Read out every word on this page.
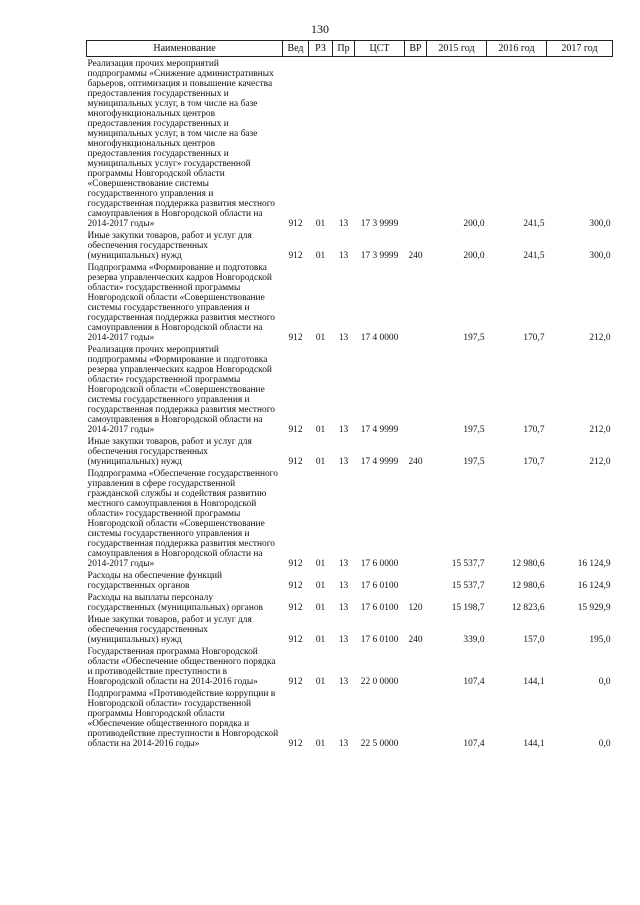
130
Наименование	Вед	РЗ	Пр	ЦСТ	ВР	2015 год	2016 год	2017 год
Реализация прочих мероприятий подпрограммы «Снижение административных барьеров, оптимизация и повышение качества предоставления государственных и муниципальных услуг, в том числе на базе многофункциональных центров предоставления государственных и муниципальных услуг, в том числе на базе многофункциональных центров предоставления государственных и муниципальных услуг» государственной программы Новгородской области «Совершенствование системы государственного управления и государственная поддержка развития местного самоуправления в Новгородской области на 2014-2017 годы»	912	01	13	17 3 9999		200,0	241,5	300,0
Иные закупки товаров, работ и услуг для обеспечения государственных (муниципальных) нужд	912	01	13	17 3 9999	240	200,0	241,5	300,0
Подпрограмма «Формирование и подготовка резерва управленческих кадров Новгородской области» государственной программы Новгородской области «Совершенствование системы государственного управления и государственная поддержка развития местного самоуправления в Новгородской области на 2014-2017 годы»	912	01	13	17 4 0000		197,5	170,7	212,0
Реализация прочих мероприятий подпрограммы «Формирование и подготовка резерва управленческих кадров Новгородской области» государственной программы Новгородской области «Совершенствование системы государственного управления и государственная поддержка развития местного самоуправления в Новгородской области на 2014-2017 годы»	912	01	13	17 4 9999		197,5	170,7	212,0
Иные закупки товаров, работ и услуг для обеспечения государственных (муниципальных) нужд	912	01	13	17 4 9999	240	197,5	170,7	212,0
Подпрограмма «Обеспечение государственного управления в сфере государственной гражданской службы и содействия развитию местного самоуправления в Новгородской области» государственной программы Новгородской области «Совершенствование системы государственного управления и государственная поддержка развития местного самоуправления в Новгородской области на 2014-2017 годы»	912	01	13	17 6 0000		15 537,7	12 980,6	16 124,9
Расходы на обеспечение функций государственных органов	912	01	13	17 6 0100		15 537,7	12 980,6	16 124,9
Расходы на выплаты персоналу государственных (муниципальных) органов	912	01	13	17 6 0100	120	15 198,7	12 823,6	15 929,9
Иные закупки товаров, работ и услуг для обеспечения государственных (муниципальных) нужд	912	01	13	17 6 0100	240	339,0	157,0	195,0
Государственная программа Новгородской области «Обеспечение общественного порядка и противодействие преступности в Новгородской области на 2014-2016 годы»	912	01	13	22 0 0000		107,4	144,1	0,0
Подпрограмма «Противодействие коррупции в Новгородской области» государственной программы Новгородской области «Обеспечение общественного порядка и противодействие преступности в Новгородской области на 2014-2016 годы»	912	01	13	22 5 0000		107,4	144,1	0,0
